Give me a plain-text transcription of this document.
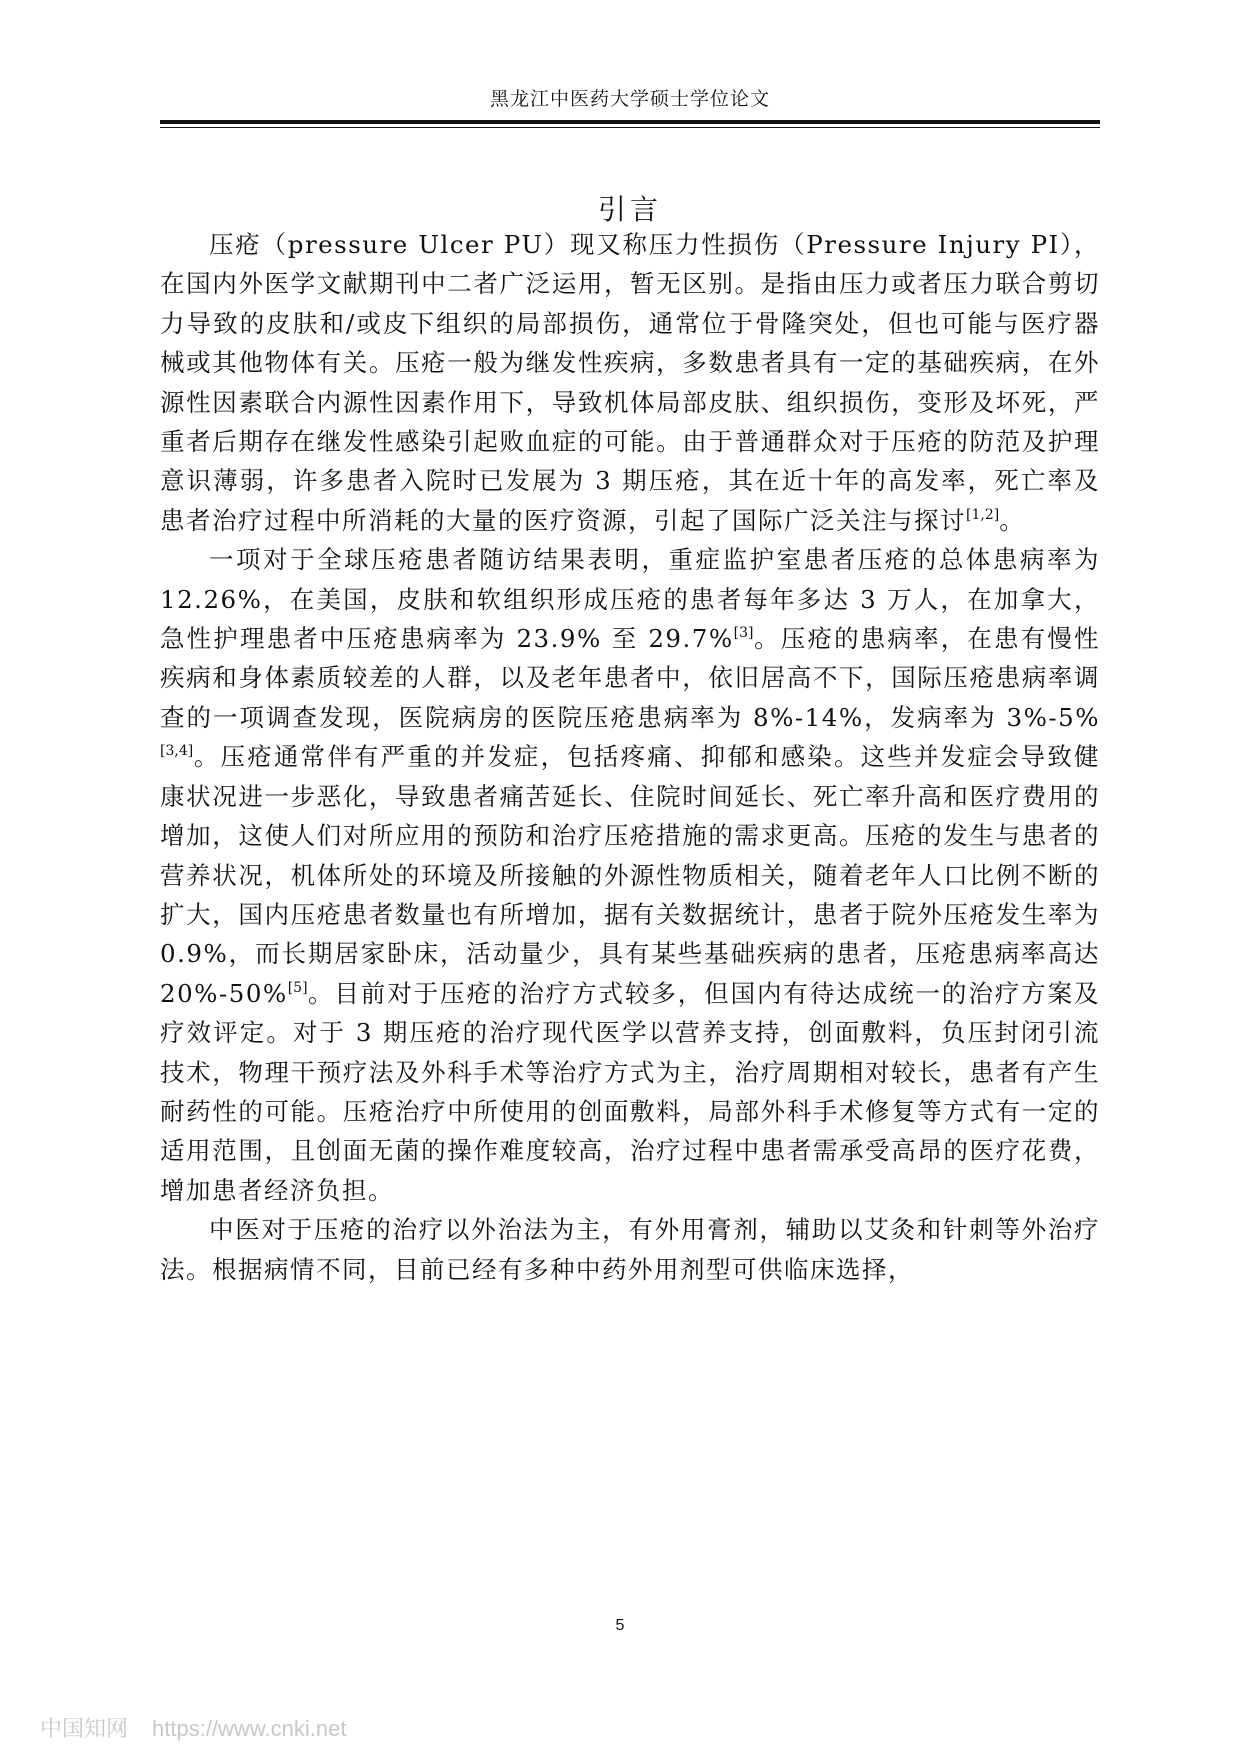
黑龙江中医药大学硕士学位论文
引言

压疮（pressure Ulcer PU）现又称压力性损伤（Pressure Injury PI），在国内外医学文献期刊中二者广泛运用，暂无区别。是指由压力或者压力联合剪切力导致的皮肤和/或皮下组织的局部损伤，通常位于骨隆突处，但也可能与医疗器械或其他物体有关。压疮一般为继发性疾病，多数患者具有一定的基础疾病，在外源性因素联合内源性因素作用下，导致机体局部皮肤、组织损伤，变形及坏死，严重者后期存在继发性感染引起败血症的可能。由于普通群众对于压疮的防范及护理意识薄弱，许多患者入院时已发展为 3 期压疮，其在近十年的高发率，死亡率及患者治疗过程中所消耗的大量的医疗资源，引起了国际广泛关注与探讨[1,2]。

一项对于全球压疮患者随访结果表明，重症监护室患者压疮的总体患病率为 12.26%，在美国，皮肤和软组织形成压疮的患者每年多达 3 万人，在加拿大，急性护理患者中压疮患病率为 23.9% 至 29.7%[3]。压疮的患病率，在患有慢性疾病和身体素质较差的人群，以及老年患者中，依旧居高不下，国际压疮患病率调查的一项调查发现，医院病房的医院压疮患病率为 8%-14%，发病率为 3%-5%[3,4]。压疮通常伴有严重的并发症，包括疼痛、抑郁和感染。这些并发症会导致健康状况进一步恶化，导致患者痛苦延长、住院时间延长、死亡率升高和医疗费用的增加，这使人们对所应用的预防和治疗压疮措施的需求更高。压疮的发生与患者的营养状况，机体所处的环境及所接触的外源性物质相关，随着老年人口比例不断的扩大，国内压疮患者数量也有所增加，据有关数据统计，患者于院外压疮发生率为 0.9%，而长期居家卧床，活动量少，具有某些基础疾病的患者，压疮患病率高达 20%-50%[5]。目前对于压疮的治疗方式较多，但国内有待达成统一的治疗方案及疗效评定。对于 3 期压疮的治疗现代医学以营养支持，创面敷料，负压封闭引流技术，物理干预疗法及外科手术等治疗方式为主，治疗周期相对较长，患者有产生耐药性的可能。压疮治疗中所使用的创面敷料，局部外科手术修复等方式有一定的适用范围，且创面无菌的操作难度较高，治疗过程中患者需承受高昂的医疗花费，增加患者经济负担。

中医对于压疮的治疗以外治法为主，有外用膏剂，辅助以艾灸和针刺等外治疗法。根据病情不同，目前已经有多种中药外用剂型可供临床选择，

5
中国知网 https://www.cnki.net
